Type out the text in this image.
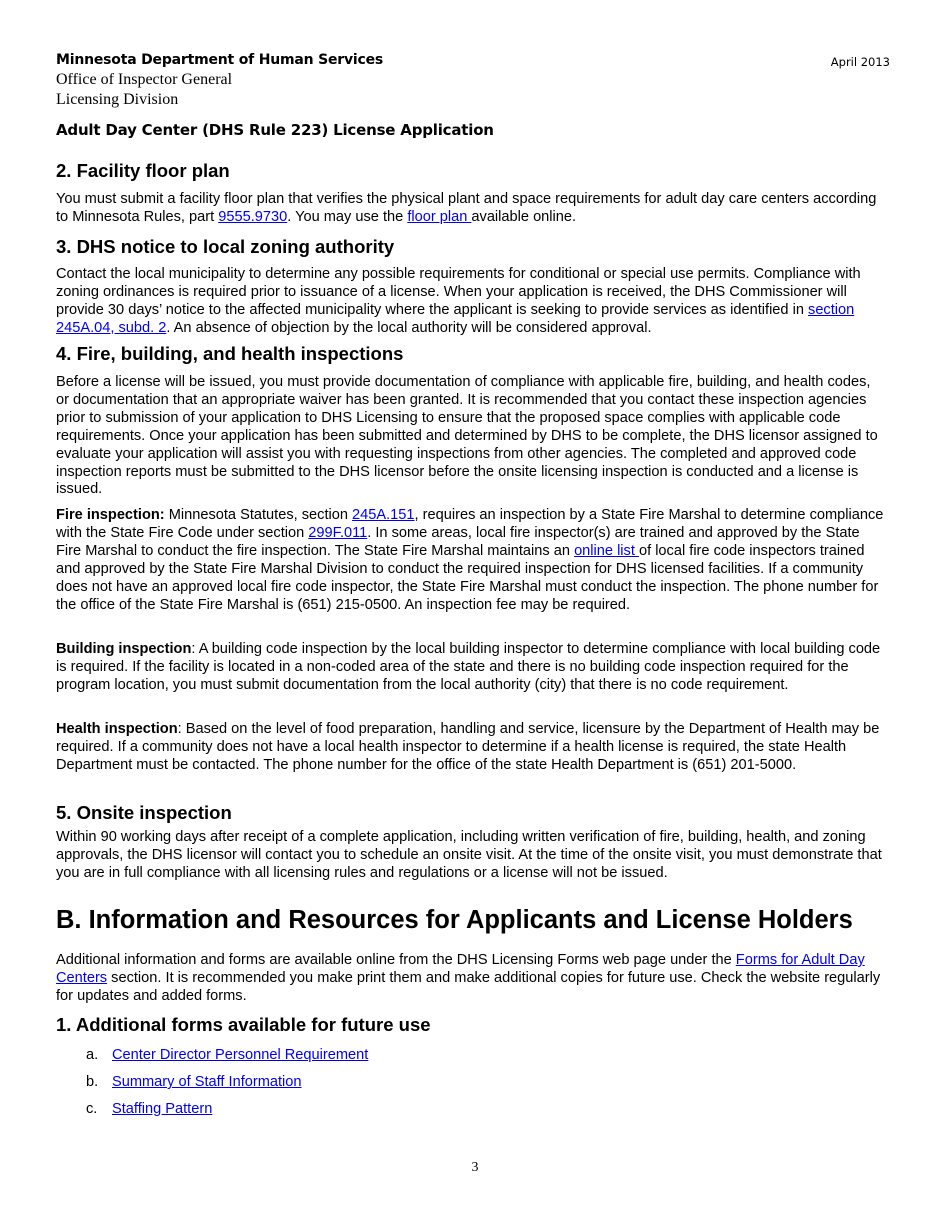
Minnesota Department of Human Services	April 2013
Office of Inspector General
Licensing Division
Adult Day Center (DHS Rule 223) License Application
2. Facility floor plan

You must submit a facility floor plan that verifies the physical plant and space requirements for adult day care centers according to Minnesota Rules, part 9555.9730. You may use the floor plan available online.

3. DHS notice to local zoning authority

Contact the local municipality to determine any possible requirements for conditional or special use permits. Compliance with zoning ordinances is required prior to issuance of a license. When your application is received, the DHS Commissioner will provide 30 days’ notice to the affected municipality where the applicant is seeking to provide services as identified in section 245A.04, subd. 2. An absence of objection by the local authority will be considered approval.

4. Fire, building, and health inspections

Before a license will be issued, you must provide documentation of compliance with applicable fire, building, and health codes, or documentation that an appropriate waiver has been granted. It is recommended that you contact these inspection agencies prior to submission of your application to DHS Licensing to ensure that the proposed space complies with applicable code requirements. Once your application has been submitted and determined by DHS to be complete, the DHS licensor assigned to evaluate your application will assist you with requesting inspections from other agencies. The completed and approved code inspection reports must be submitted to the DHS licensor before the onsite licensing inspection is conducted and a license is issued.

Fire inspection: Minnesota Statutes, section 245A.151, requires an inspection by a State Fire Marshal to determine compliance with the State Fire Code under section 299F.011. In some areas, local fire inspector(s) are trained and approved by the State Fire Marshal to conduct the fire inspection. The State Fire Marshal maintains an online list of local fire code inspectors trained and approved by the State Fire Marshal Division to conduct the required inspection for DHS licensed facilities. If a community does not have an approved local fire code inspector, the State Fire Marshal must conduct the inspection. The phone number for the office of the State Fire Marshal is (651) 215-0500. An inspection fee may be required.

Building inspection: A building code inspection by the local building inspector to determine compliance with local building code is required. If the facility is located in a non-coded area of the state and there is no building code inspection required for the program location, you must submit documentation from the local authority (city) that there is no code requirement.

Health inspection: Based on the level of food preparation, handling and service, licensure by the Department of Health may be required. If a community does not have a local health inspector to determine if a health license is required, the state Health Department must be contacted. The phone number for the office of the state Health Department is (651) 201-5000.

5. Onsite inspection

Within 90 working days after receipt of a complete application, including written verification of fire, building, health, and zoning approvals, the DHS licensor will contact you to schedule an onsite visit. At the time of the onsite visit, you must demonstrate that you are in full compliance with all licensing rules and regulations or a license will not be issued.

B. Information and Resources for Applicants and License Holders

Additional information and forms are available online from the DHS Licensing Forms web page under the Forms for Adult Day Centers section. It is recommended you make print them and make additional copies for future use. Check the website regularly for updates and added forms.

1. Additional forms available for future use
a. Center Director Personnel Requirement
b. Summary of Staff Information
c. Staffing Pattern
3
